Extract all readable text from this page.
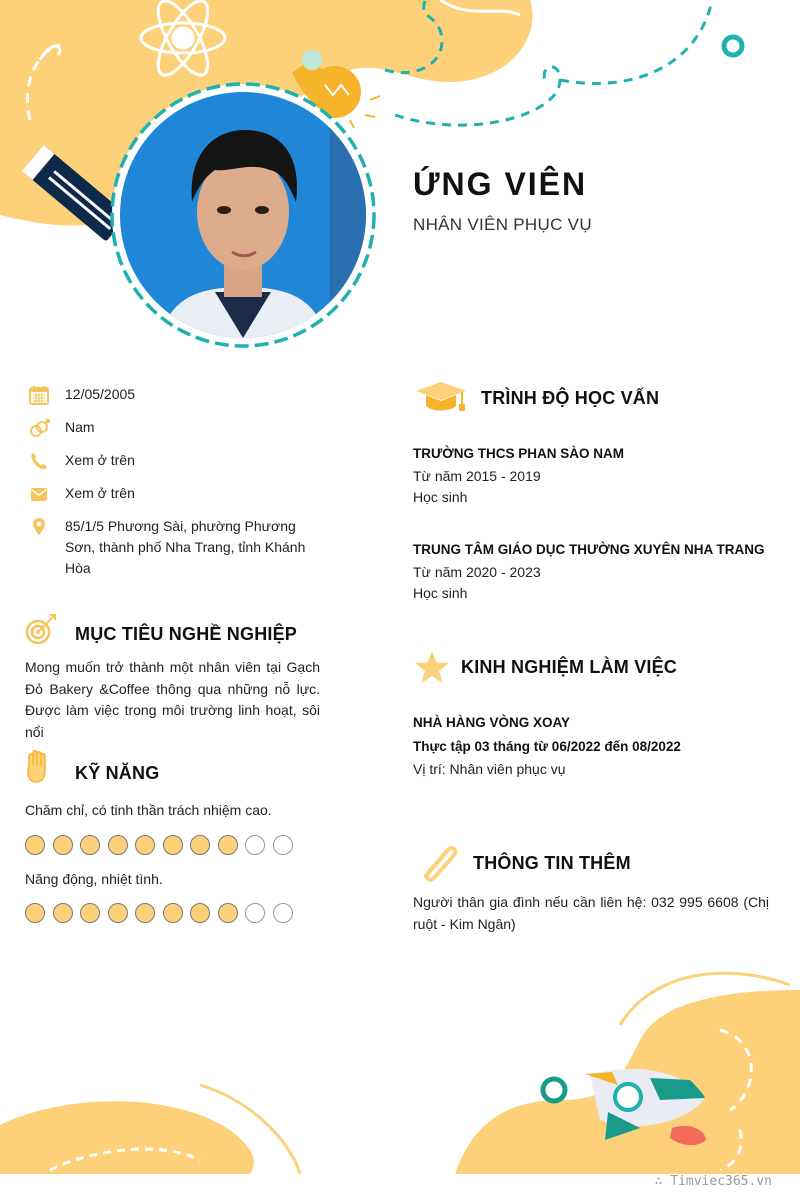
ỨNG VIÊN
NHÂN VIÊN PHỤC VỤ
12/05/2005
Nam
Xem ở trên
Xem ở trên
85/1/5 Phương Sài, phường Phương Sơn, thành phố Nha Trang, tỉnh Khánh Hòa
MỤC TIÊU NGHỀ NGHIỆP
Mong muốn trở thành một nhân viên tại Gạch Đỏ Bakery &Coffee thông qua những nỗ lực. Được làm việc trong môi trường linh hoạt, sôi nổi
KỸ NĂNG
Chăm chỉ, có tinh thần trách nhiệm cao.
Năng động, nhiệt tình.
TRÌNH ĐỘ HỌC VẤN
TRƯỜNG THCS PHAN SÀO NAM
Từ năm 2015 - 2019
Học sinh
TRUNG TÂM GIÁO DỤC THƯỜNG XUYÊN NHA TRANG
Từ năm 2020 - 2023
Học sinh
KINH NGHIỆM LÀM VIỆC
NHÀ HÀNG VÒNG XOAY
Thực tập 03 tháng từ 06/2022 đến 08/2022
Vị trí: Nhân viên phục vụ
THÔNG TIN THÊM
Người thân gia đình nếu cần liên hệ: 032 995 6608 (Chị ruột - Kim Ngân)
∴ Timviec365.vn
